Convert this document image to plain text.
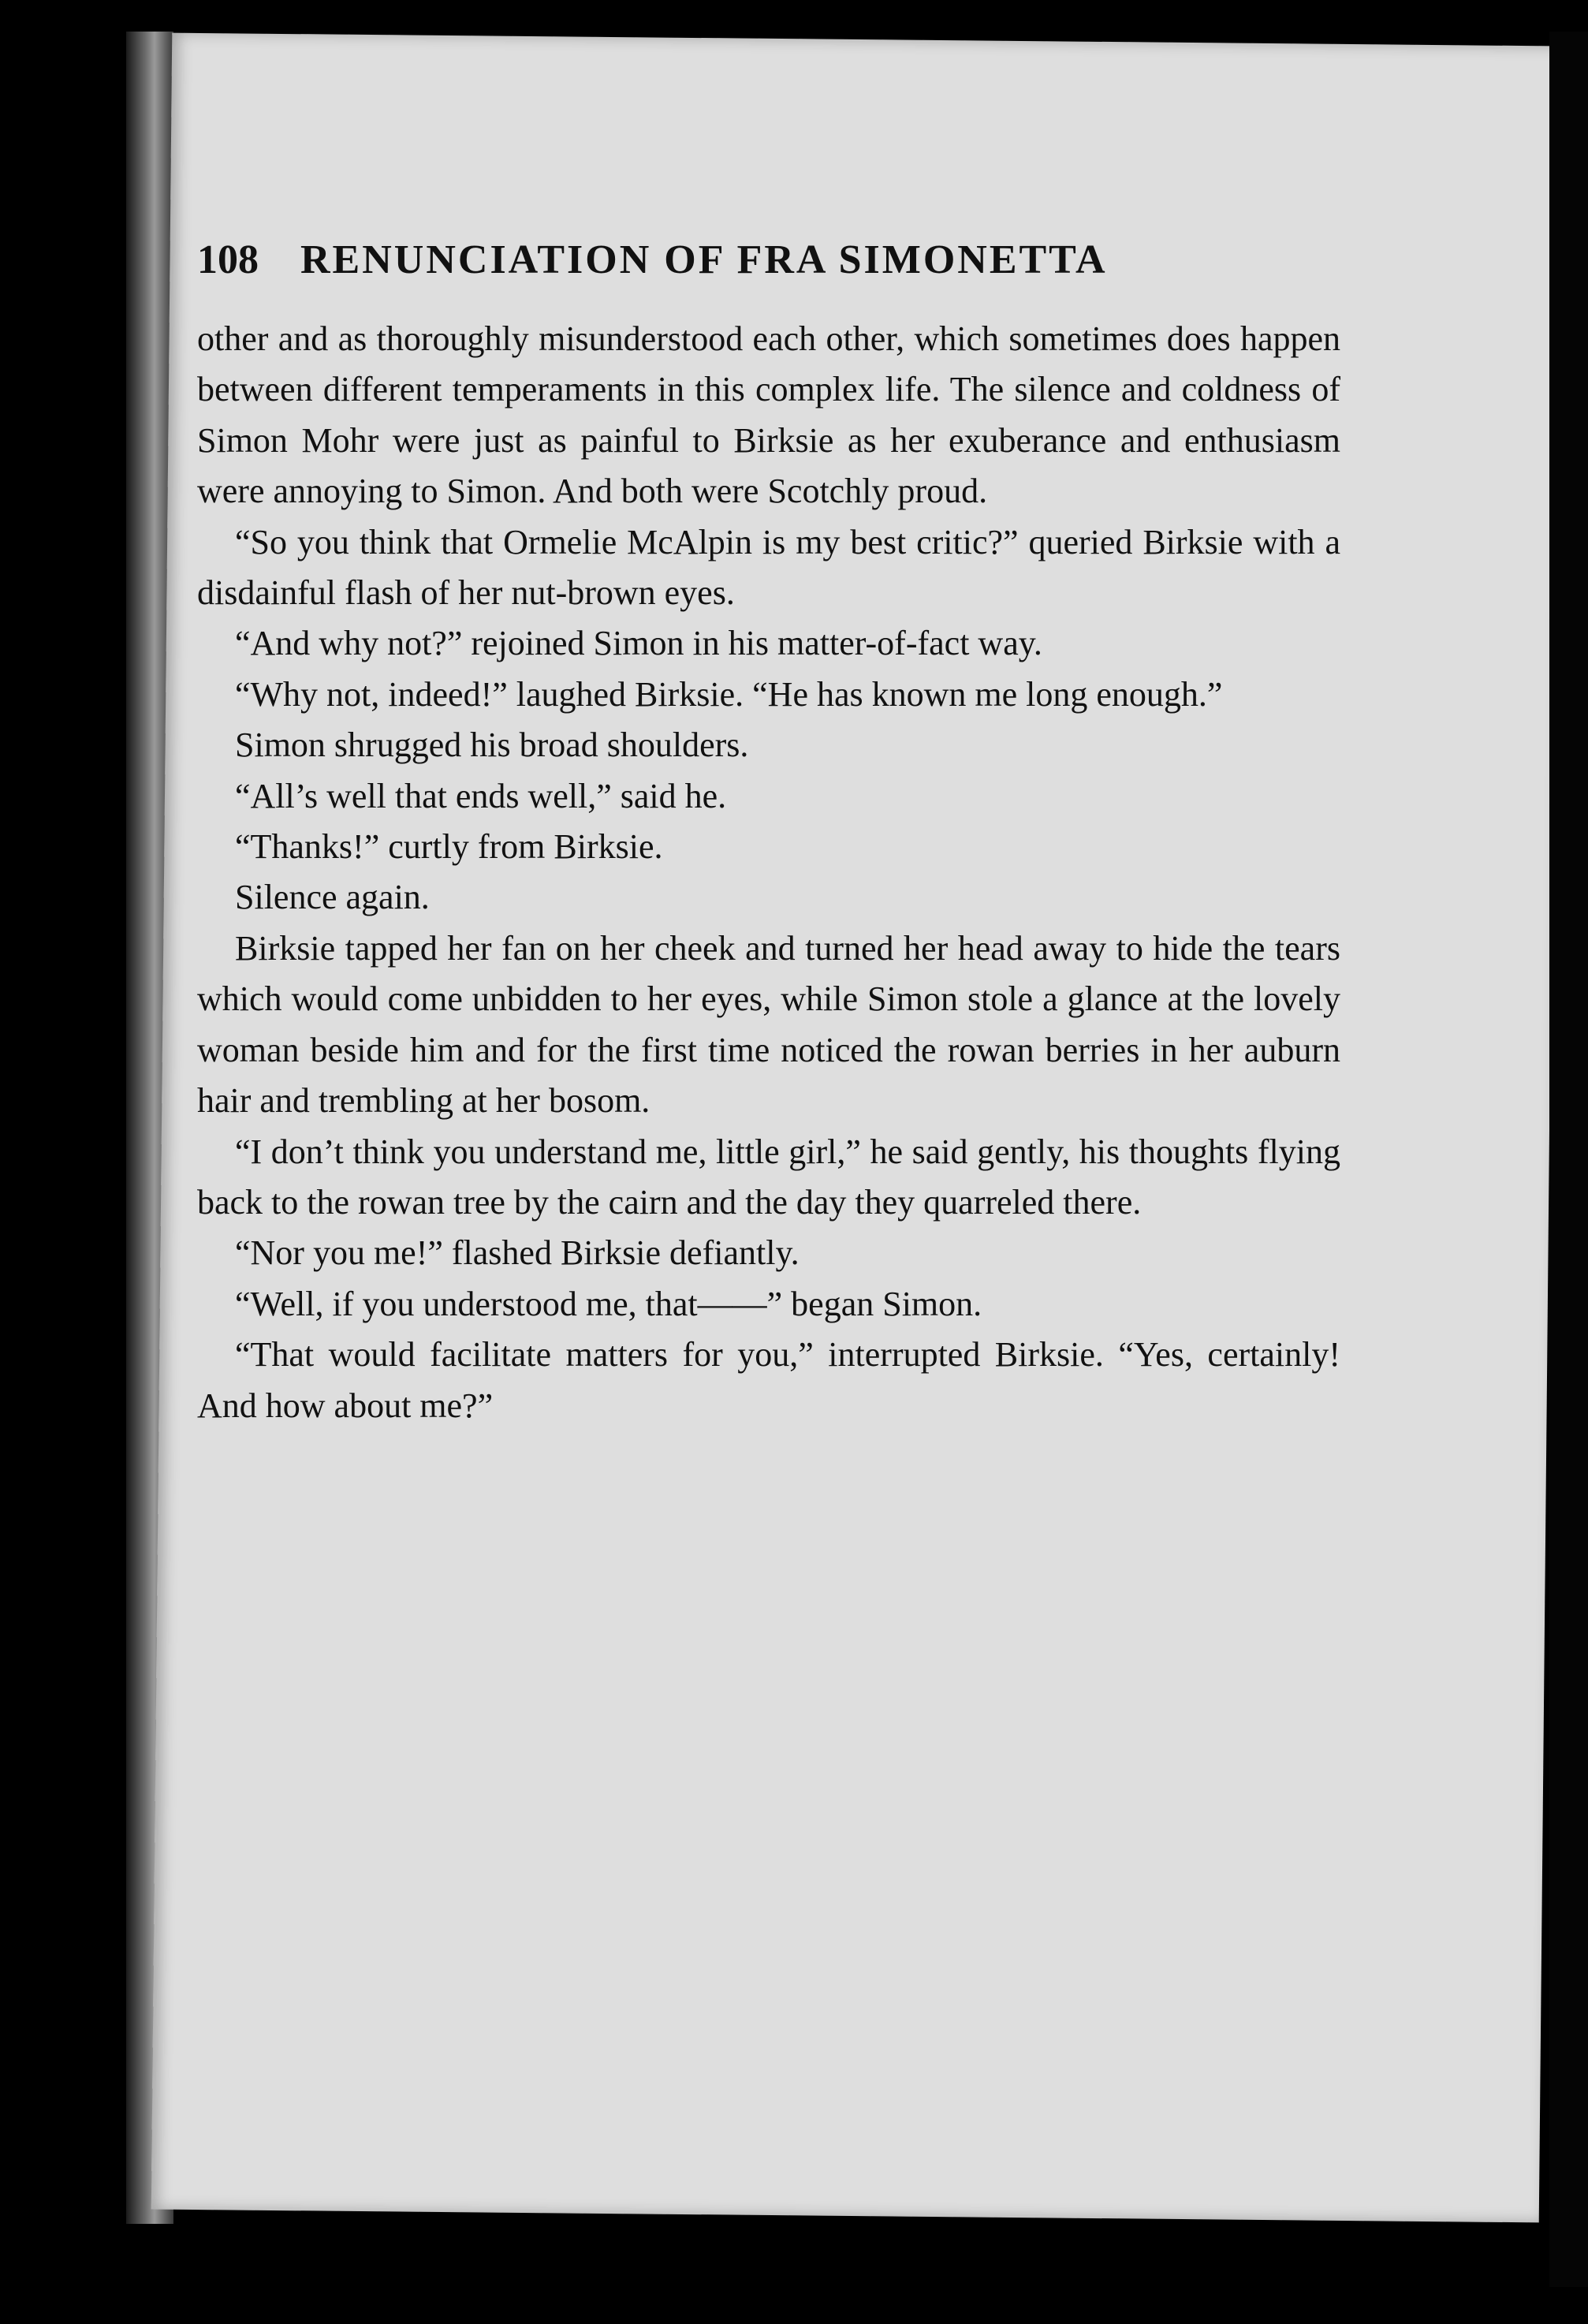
108 RENUNCIATION OF FRA SIMONETTA

other and as thoroughly misunderstood each other, which sometimes does happen between different temperaments in this complex life. The silence and coldness of Simon Mohr were just as painful to Birksie as her exuberance and enthusiasm were annoying to Simon. And both were Scotchly proud.

“So you think that Ormelie McAlpin is my best critic?” queried Birksie with a disdainful flash of her nut-brown eyes.

“And why not?” rejoined Simon in his matter-of-fact way.

“Why not, indeed!” laughed Birksie. “He has known me long enough.”

Simon shrugged his broad shoulders.

“All’s well that ends well,” said he.

“Thanks!” curtly from Birksie.

Silence again.

Birksie tapped her fan on her cheek and turned her head away to hide the tears which would come unbidden to her eyes, while Simon stole a glance at the lovely woman beside him and for the first time noticed the rowan berries in her auburn hair and trembling at her bosom.

“I don’t think you understand me, little girl,” he said gently, his thoughts flying back to the rowan tree by the cairn and the day they quarreled there.

“Nor you me!” flashed Birksie defiantly.

“Well, if you understood me, that——” began Simon.

“That would facilitate matters for you,” interrupted Birksie. “Yes, certainly! And how about me?”
